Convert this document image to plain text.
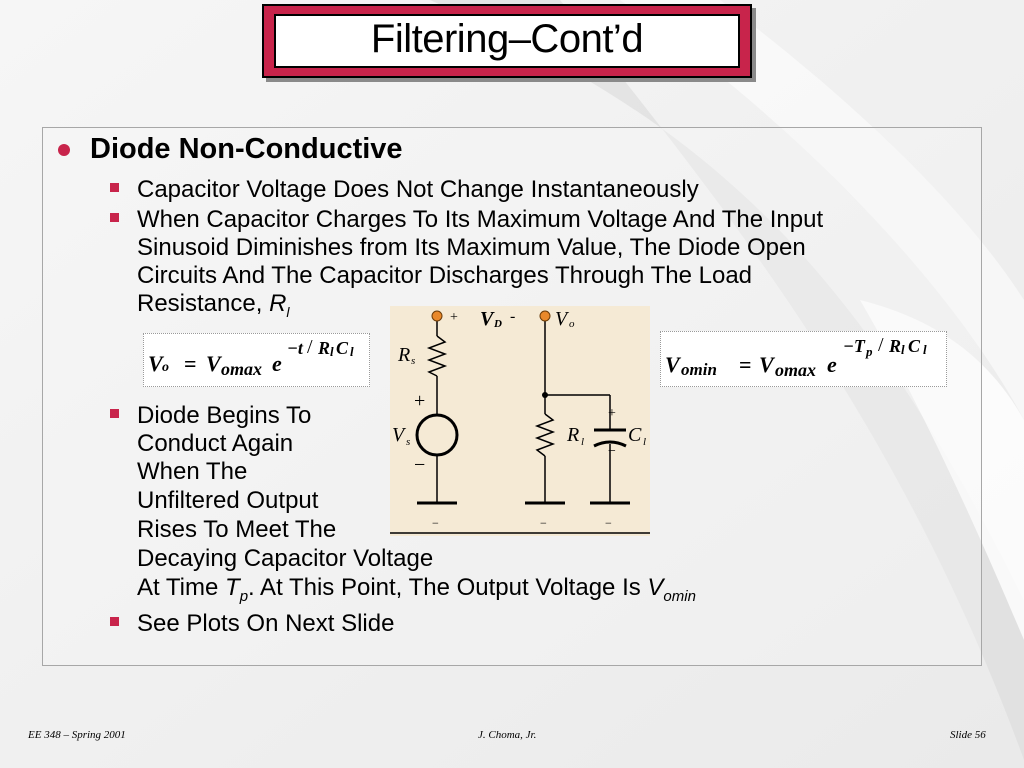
Filtering–Cont’d
Diode Non-Conductive
Capacitor Voltage Does Not Change Instantaneously
When Capacitor Charges To Its Maximum Voltage And The Input
Sinusoid Diminishes from Its Maximum Value, The Diode Open
Circuits And The Capacitor Discharges Through The Load
Resistance, $R_l$
V o = V omax e
−t / R l C l
V omin = V omax e
−T p / R l C l
+ V D - V o
R s
+
V s
−
R l C l
+
−
−	−	−
Diode Begins To
Conduct Again
When The
Unfiltered Output
Rises To Meet The
Decaying Capacitor Voltage
At Time $T_p$. At This Point, The Output Voltage Is $V_{omin}$
See Plots On Next Slide
EE 348 – Spring 2001	J. Choma, Jr.	Slide 56
